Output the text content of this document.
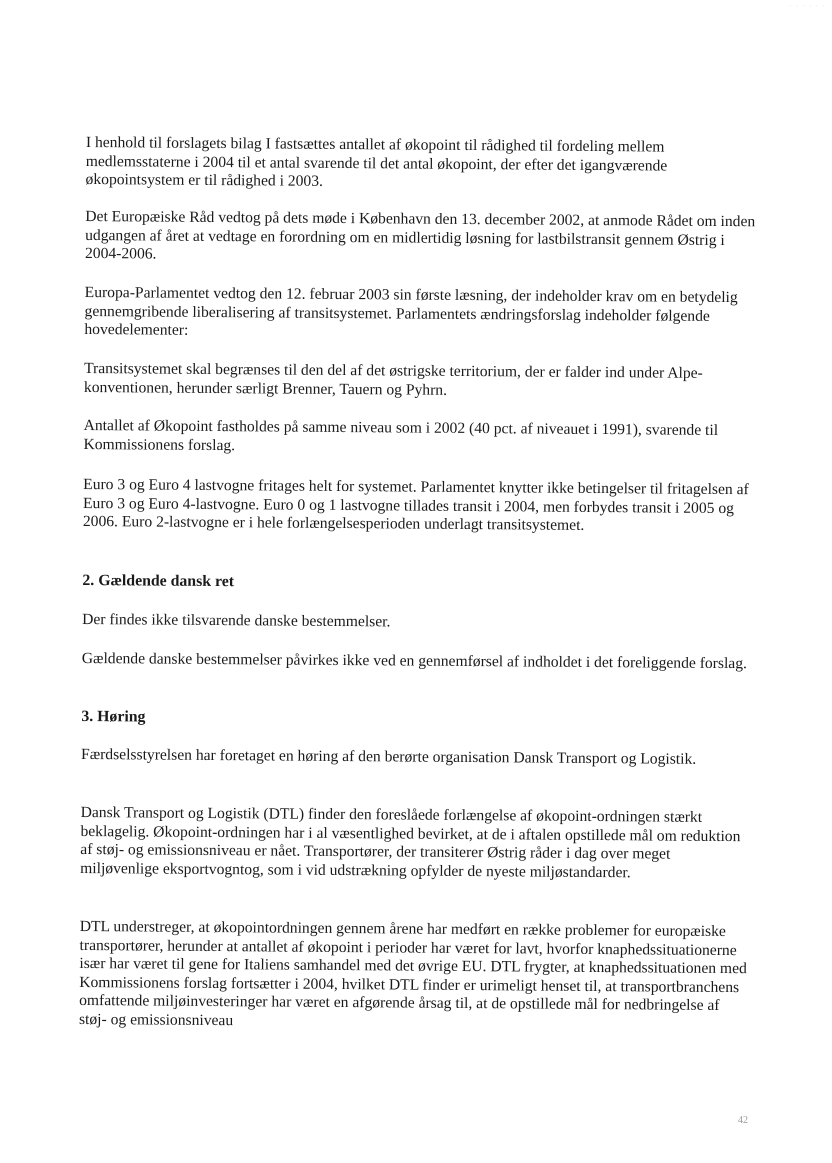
· · · · · ·

I henhold til forslagets bilag I fastsættes antallet af økopoint til rådighed til fordeling mellem medlemsstaterne i 2004 til et antal svarende til det antal økopoint, der efter det igangværende økopointsystem er til rådighed i 2003.

Det Europæiske Råd vedtog på dets møde i København den 13. december 2002, at anmode Rådet om inden udgangen af året at vedtage en forordning om en midlertidig løsning for lastbilstransit gennem Østrig i 2004-2006.

Europa-Parlamentet vedtog den 12. februar 2003 sin første læsning, der indeholder krav om en betydelig gennemgribende liberalisering af transitsystemet. Parlamentets ændringsforslag indeholder følgende hovedelementer:

Transitsystemet skal begrænses til den del af det østrigske territorium, der er falder ind under Alpe-konventionen, herunder særligt Brenner, Tauern og Pyhrn.

Antallet af Økopoint fastholdes på samme niveau som i 2002 (40 pct. af niveauet i 1991), svarende til Kommissionens forslag.

Euro 3 og Euro 4 lastvogne fritages helt for systemet. Parlamentet knytter ikke betingelser til fritagelsen af Euro 3 og Euro 4-lastvogne. Euro 0 og 1 lastvogne tillades transit i 2004, men forbydes transit i 2005 og 2006. Euro 2-lastvogne er i hele forlængelsesperioden underlagt transitsystemet.

2. Gældende dansk ret

Der findes ikke tilsvarende danske bestemmelser.

Gældende danske bestemmelser påvirkes ikke ved en gennemførsel af indholdet i det foreliggende forslag.

3. Høring

Færdselsstyrelsen har foretaget en høring af den berørte organisation Dansk Transport og Logistik.

Dansk Transport og Logistik (DTL) finder den foreslåede forlængelse af økopoint-ordningen stærkt beklagelig. Økopoint-ordningen har i al væsentlighed bevirket, at de i aftalen opstillede mål om reduktion af støj- og emissionsniveau er nået. Transportører, der transiterer Østrig råder i dag over meget miljøvenlige eksportvogntog, som i vid udstrækning opfylder de nyeste miljøstandarder.

DTL understreger, at økopointordningen gennem årene har medført en række problemer for europæiske transportører, herunder at antallet af økopoint i perioder har været for lavt, hvorfor knaphedssituationerne især har været til gene for Italiens samhandel med det øvrige EU. DTL frygter, at knaphedssituationen med Kommissionens forslag fortsætter i 2004, hvilket DTL finder er urimeligt henset til, at transportbranchens omfattende miljøinvesteringer har været en afgørende årsag til, at de opstillede mål for nedbringelse af støj- og emissionsniveau

42
